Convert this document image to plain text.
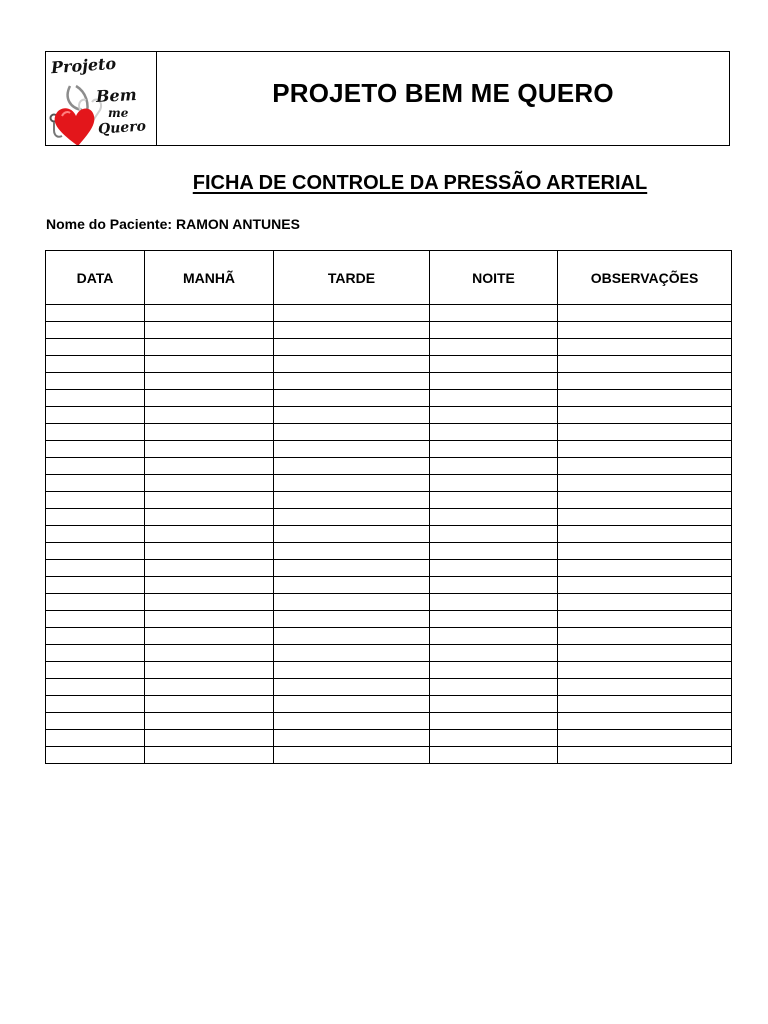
Projeto
Bem
me
Quero
PROJETO BEM ME QUERO
FICHA DE CONTROLE DA PRESSÃO ARTERIAL
Nome do Paciente: RAMON ANTUNES
DATA	MANHÃ	TARDE	NOITE	OBSERVAÇÕES
